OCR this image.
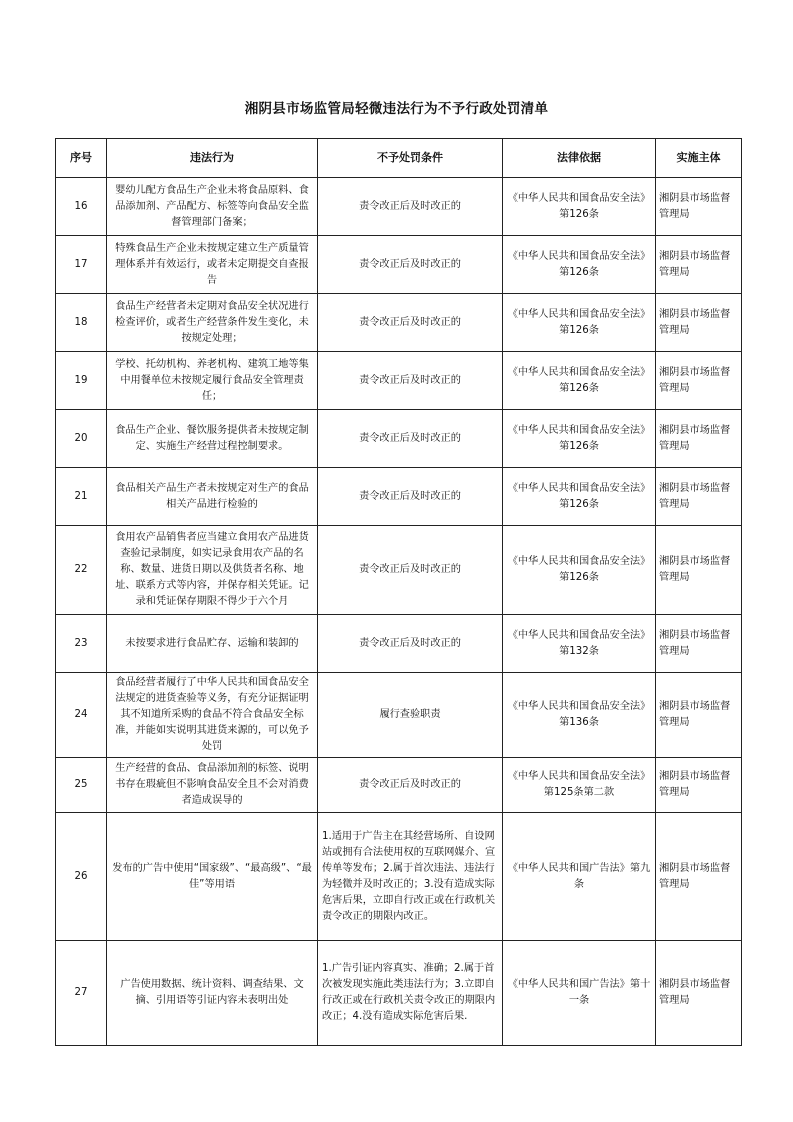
湘阴县市场监管局轻微违法行为不予行政处罚清单
序号	违法行为	不予处罚条件	法律依据	实施主体
16	婴幼儿配方食品生产企业未将食品原料、食品添加剂、产品配方、标签等向食品安全监督管理部门备案；	责令改正后及时改正的	《中华人民共和国食品安全法》第126条	湘阴县市场监督管理局
17	特殊食品生产企业未按规定建立生产质量管理体系并有效运行，或者未定期提交自查报告	责令改正后及时改正的	《中华人民共和国食品安全法》第126条	湘阴县市场监督管理局
18	食品生产经营者未定期对食品安全状况进行检查评价，或者生产经营条件发生变化，未按规定处理；	责令改正后及时改正的	《中华人民共和国食品安全法》第126条	湘阴县市场监督管理局
19	学校、托幼机构、养老机构、建筑工地等集中用餐单位未按规定履行食品安全管理责任；	责令改正后及时改正的	《中华人民共和国食品安全法》第126条	湘阴县市场监督管理局
20	食品生产企业、餐饮服务提供者未按规定制定、实施生产经营过程控制要求。	责令改正后及时改正的	《中华人民共和国食品安全法》第126条	湘阴县市场监督管理局
21	食品相关产品生产者未按规定对生产的食品相关产品进行检验的	责令改正后及时改正的	《中华人民共和国食品安全法》第126条	湘阴县市场监督管理局
22	食用农产品销售者应当建立食用农产品进货查验记录制度，如实记录食用农产品的名称、数量、进货日期以及供货者名称、地址、联系方式等内容，并保存相关凭证。记录和凭证保存期限不得少于六个月	责令改正后及时改正的	《中华人民共和国食品安全法》第126条	湘阴县市场监督管理局
23	未按要求进行食品贮存、运输和装卸的	责令改正后及时改正的	《中华人民共和国食品安全法》第132条	湘阴县市场监督管理局
24	食品经营者履行了中华人民共和国食品安全法规定的进货查验等义务，有充分证据证明其不知道所采购的食品不符合食品安全标准，并能如实说明其进货来源的，可以免予处罚	履行查验职责	《中华人民共和国食品安全法》第136条	湘阴县市场监督管理局
25	生产经营的食品、食品添加剂的标签、说明书存在瑕疵但不影响食品安全且不会对消费者造成误导的	责令改正后及时改正的	《中华人民共和国食品安全法》第125条第二款	湘阴县市场监督管理局
26	发布的广告中使用“国家级”、“最高级”、“最佳”等用语	1.适用于广告主在其经营场所、自设网站或拥有合法使用权的互联网媒介、宣传单等发布；2.属于首次违法、违法行为轻微并及时改正的；3.没有造成实际危害后果，立即自行改正或在行政机关责令改正的期限内改正。	《中华人民共和国广告法》第九条	湘阴县市场监督管理局
27	广告使用数据、统计资料、调查结果、文摘、引用语等引证内容未表明出处	1.广告引证内容真实、准确；2.属于首次被发现实施此类违法行为；3.立即自行改正或在行政机关责令改正的期限内改正；4.没有造成实际危害后果.	《中华人民共和国广告法》第十一条	湘阴县市场监督管理局
